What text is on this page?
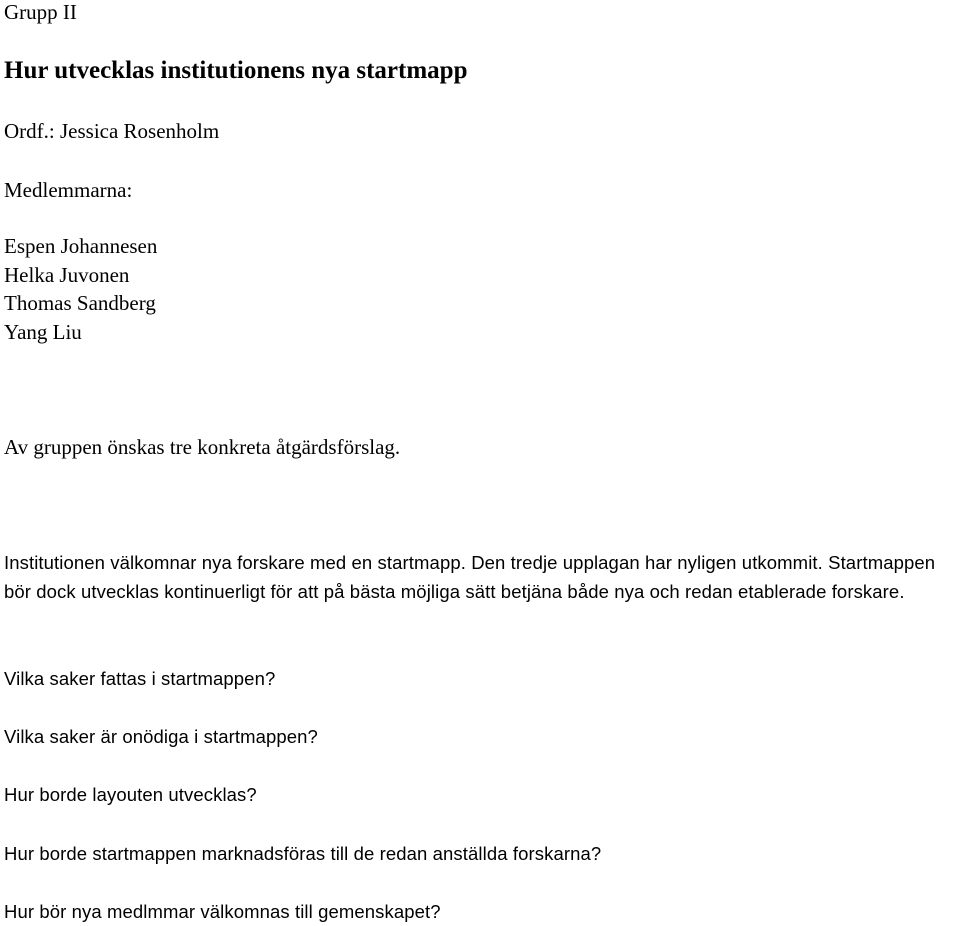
Grupp II
Hur utvecklas institutionens nya startmapp
Ordf.: Jessica Rosenholm
Medlemmarna:
Espen Johannesen
Helka Juvonen
Thomas Sandberg
Yang Liu
Av gruppen önskas tre konkreta åtgärdsförslag.

Institutionen välkomnar nya forskare med en startmapp. Den tredje upplagan har nyligen utkommit. Startmappen bör dock utvecklas kontinuerligt för att på bästa möjliga sätt betjäna både nya och redan etablerade forskare.

Vilka saker fattas i startmappen?
Vilka saker är onödiga i startmappen?
Hur borde layouten utvecklas?
Hur borde startmappen marknadsföras till de redan anställda forskarna?
Hur bör nya medlmmar välkomnas till gemenskapet?
